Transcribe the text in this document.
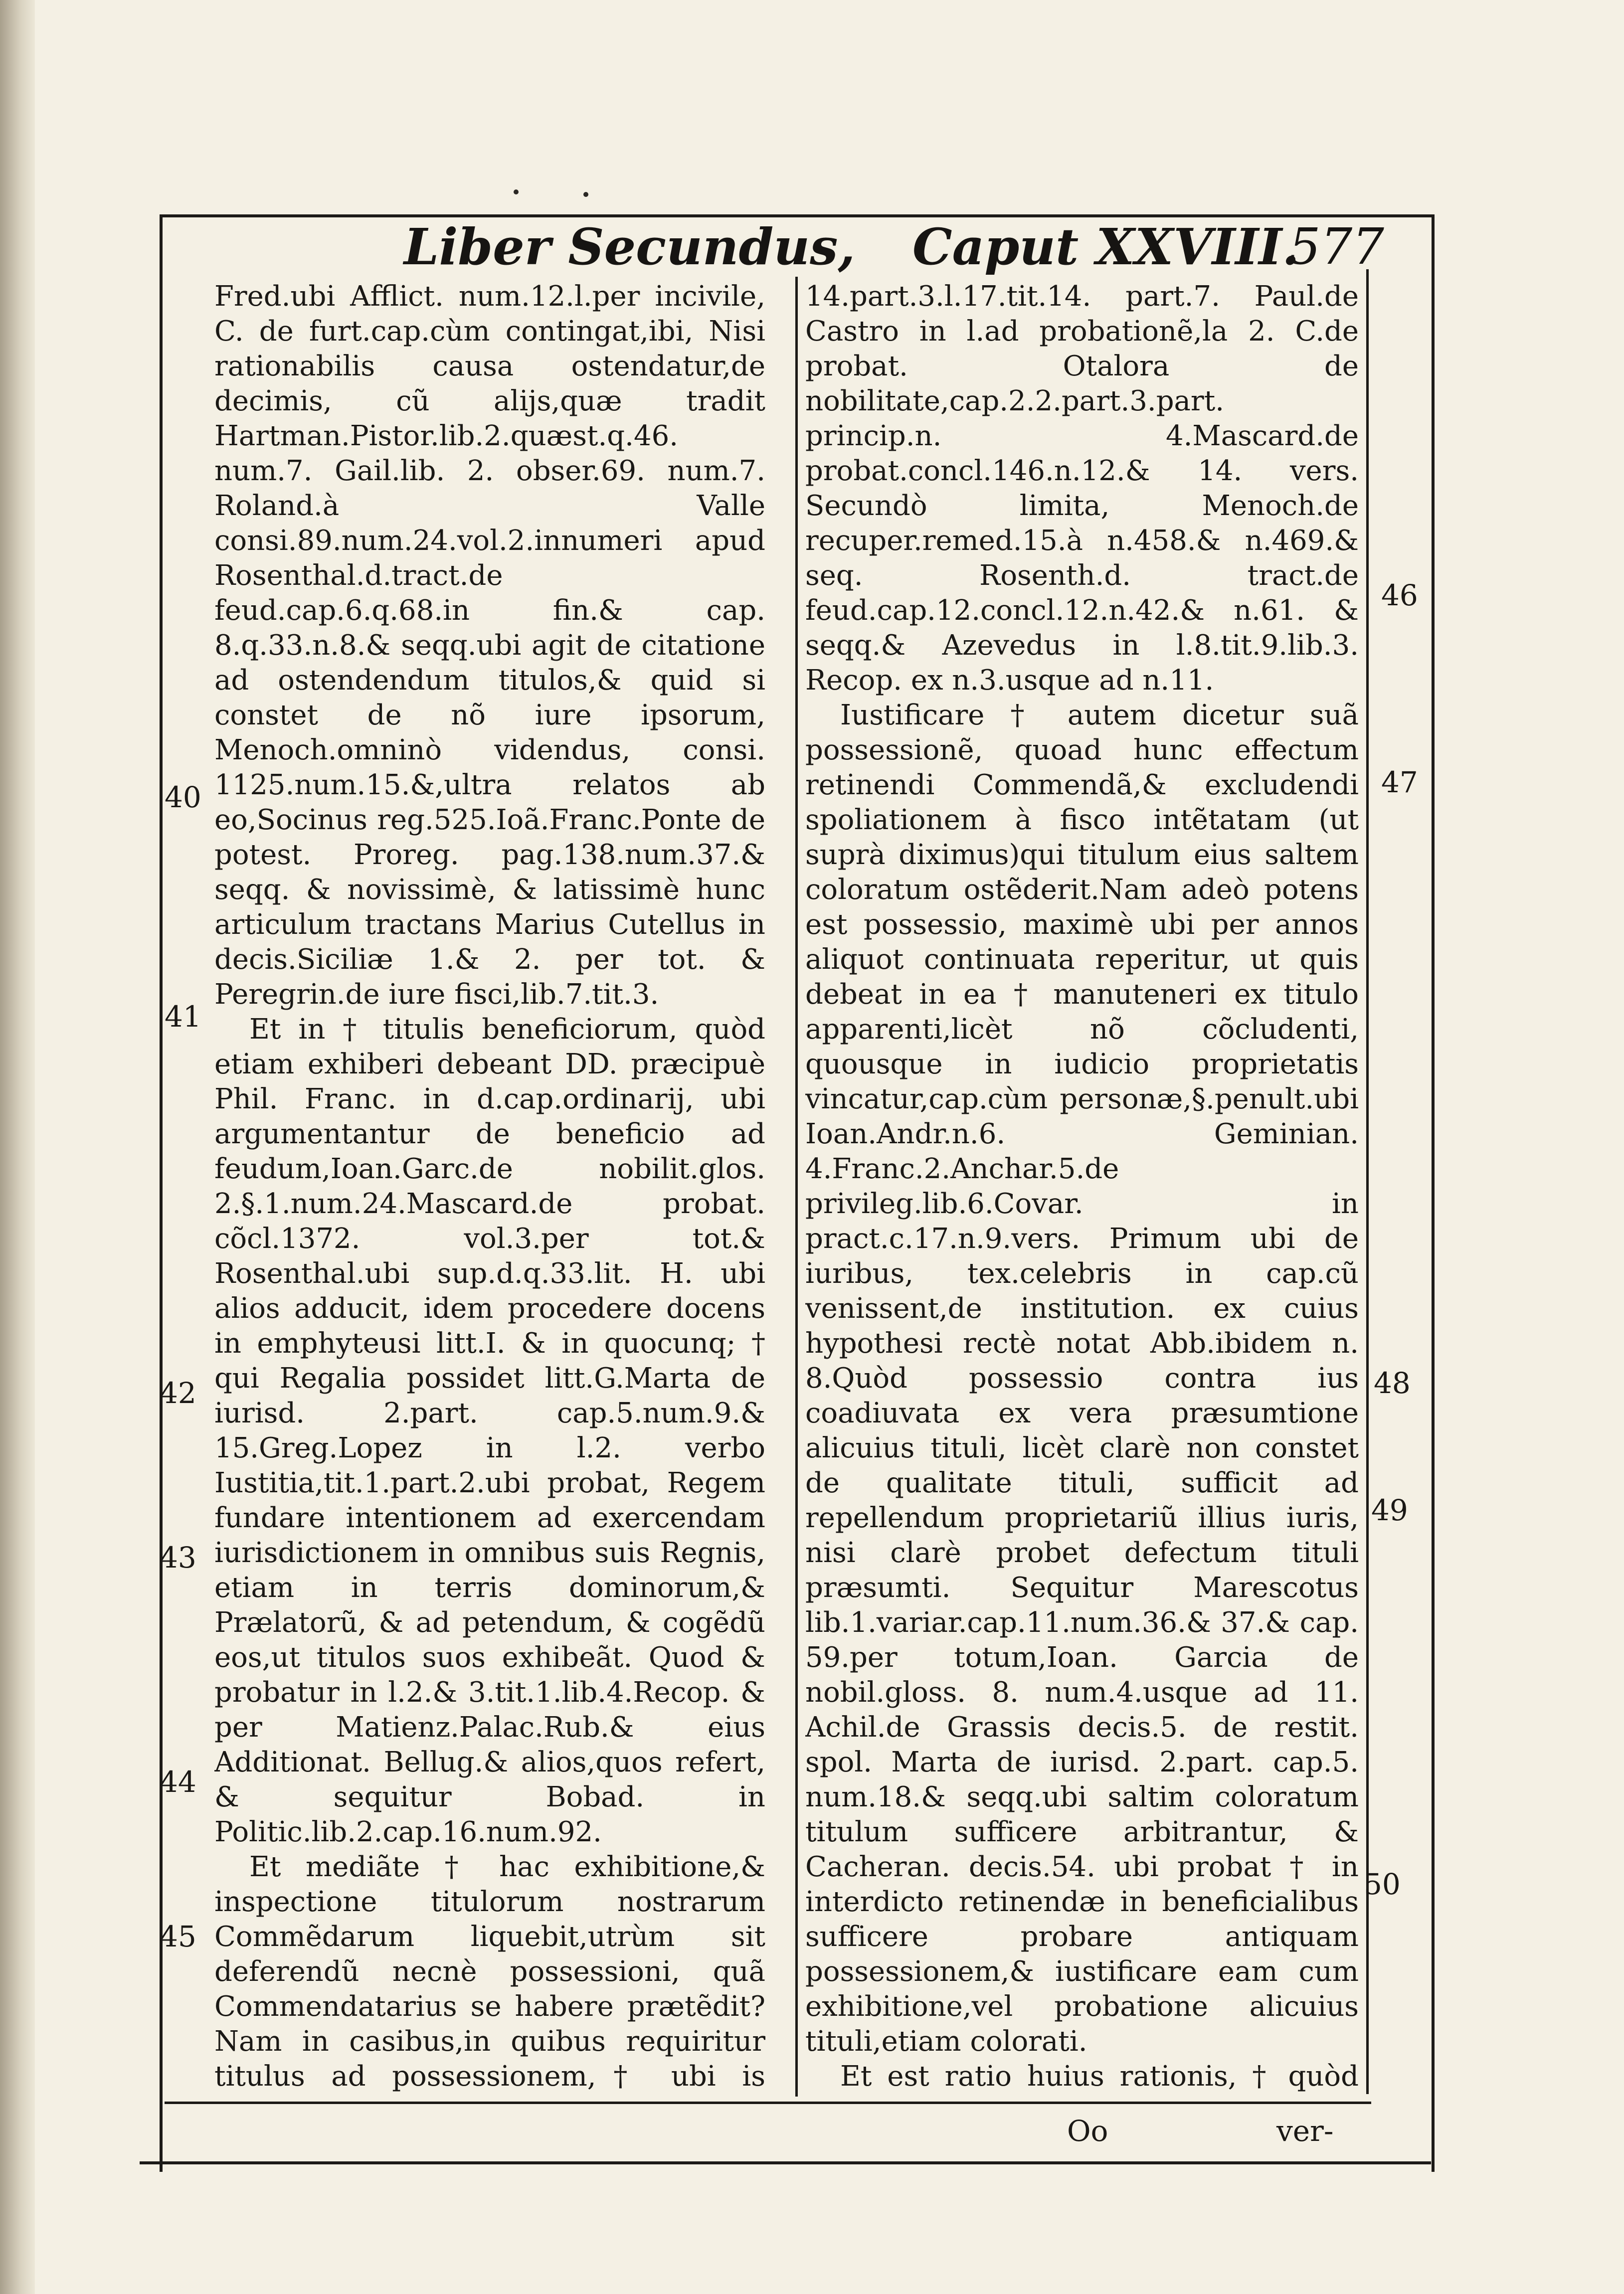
Liber Secundus, Caput XXVIII.
577

Fred.ubi Afflict. num.12.l.per incivile, C. de furt.cap.cùm contingat,ibi, Nisi rationabilis causa ostendatur,de decimis, cũ alijs,quæ tradit Hartman.Pistor.lib.2.quæst.q.46. num.7. Gail.lib. 2. obser.69. num.7. Roland.à Valle consi.89.num.24.vol.2.innumeri apud Rosenthal.d.tract.de feud.cap.6.q.68.in fin.& cap. 8.q.33.n.8.& seqq.ubi agit de citatione ad ostendendum titulos,& quid si constet de nõ iure ipsorum, Menoch.omninò videndus, consi. 1125.num.15.&,ultra relatos ab eo,Socinus reg.525.Ioã.Franc.Ponte de potest. Proreg. pag.138.num.37.& seqq. & novissimè, & latissimè hunc articulum tractans Marius Cutellus in decis.Siciliæ 1.& 2. per tot. & Peregrin.de iure fisci,lib.7.tit.3.

Et in † titulis beneficiorum, quòd etiam exhiberi debeant DD. præcipuè Phil. Franc. in d.cap.ordinarij, ubi argumentantur de beneficio ad feudum,Ioan.Garc.de nobilit.glos. 2.§.1.num.24.Mascard.de probat. cõcl.1372. vol.3.per tot.& Rosenthal.ubi sup.d.q.33.lit. H. ubi alios adducit, idem procedere docens in emphyteusi litt.I. & in quocunq; † qui Regalia possidet litt.G.Marta de iurisd. 2.part. cap.5.num.9.& 15.Greg.Lopez in l.2. verbo Iustitia,tit.1.part.2.ubi probat, Regem fundare intentionem ad exercendam iurisdictionem in omnibus suis Regnis, etiam in terris dominorum,& Prælatorũ, & ad petendum, & cogẽdũ eos,ut titulos suos exhibeãt. Quod & probatur in l.2.& 3.tit.1.lib.4.Recop. & per Matienz.Palac.Rub.& eius Additionat. Bellug.& alios,quos refert, & sequitur Bobad. in Politic.lib.2.cap.16.num.92.

Et mediãte † hac exhibitione,& inspectione titulorum nostrarum Commẽdarum liquebit,utrùm sit deferendũ necnè possessioni, quã Commendatarius se habere prætẽdit?Nam in casibus,in quibus requiritur titulus ad possessionem,† ubi is

14.part.3.l.17.tit.14. part.7. Paul.de Castro in l.ad probationẽ,la 2. C.de probat. Otalora de nobilitate,cap.2.2.part.3.part. princip.n. 4.Mascard.de probat.concl.146.n.12.& 14. vers. Secundò limita, Menoch.de recuper.remed.15.à n.458.& n.469.& seq. Rosenth.d. tract.de feud.cap.12.concl.12.n.42.& n.61. & seqq.& Azevedus in l.8.tit.9.lib.3. Recop. ex n.3.usque ad n.11.

Iustificare † autem dicetur suã possessionẽ, quoad hunc effectum retinendi Commendã,& excludendi spoliationem à fisco intẽtatam (ut suprà diximus)qui titulum eius saltem coloratum ostẽderit.Nam adeò potens est possessio, maximè ubi per annos aliquot continuata reperitur, ut quis debeat in ea † manuteneri ex titulo apparenti,licèt nõ cõcludenti, quousque in iudicio proprietatis vincatur,cap.cùm personæ,§.penult.ubi Ioan.Andr.n.6. Geminian. 4.Franc.2.Anchar.5.de privileg.lib.6.Covar. in pract.c.17.n.9.vers. Primum ubi de iuribus, tex.celebris in cap.cũ venissent,de institution. ex cuius hypothesi rectè notat Abb.ibidem n. 8.Quòd possessio contra ius coadiuvata ex vera præsumtione alicuius tituli, licèt clarè non constet de qualitate tituli, sufficit ad repellendum proprietariũ illius iuris, nisi clarè probet defectum tituli præsumti. Sequitur Marescotus lib.1.variar.cap.11.num.36.& 37.& cap. 59.per totum,Ioan. Garcia de nobil.gloss. 8. num.4.usque ad 11. Achil.de Grassis decis.5. de restit. spol. Marta de iurisd. 2.part. cap.5. num.18.& seqq.ubi saltim coloratum titulum sufficere arbitrantur, & Cacheran. decis.54. ubi probat † in interdicto retinendæ in beneficialibus sufficere probare antiquam possessionem,& iustificare eam cum exhibitione,vel probatione alicuius tituli,etiam colorati.

Et est ratio huius rationis, † quòd

40
41
42
43
44
45
46
47
48
49
50
Oo	ver-
